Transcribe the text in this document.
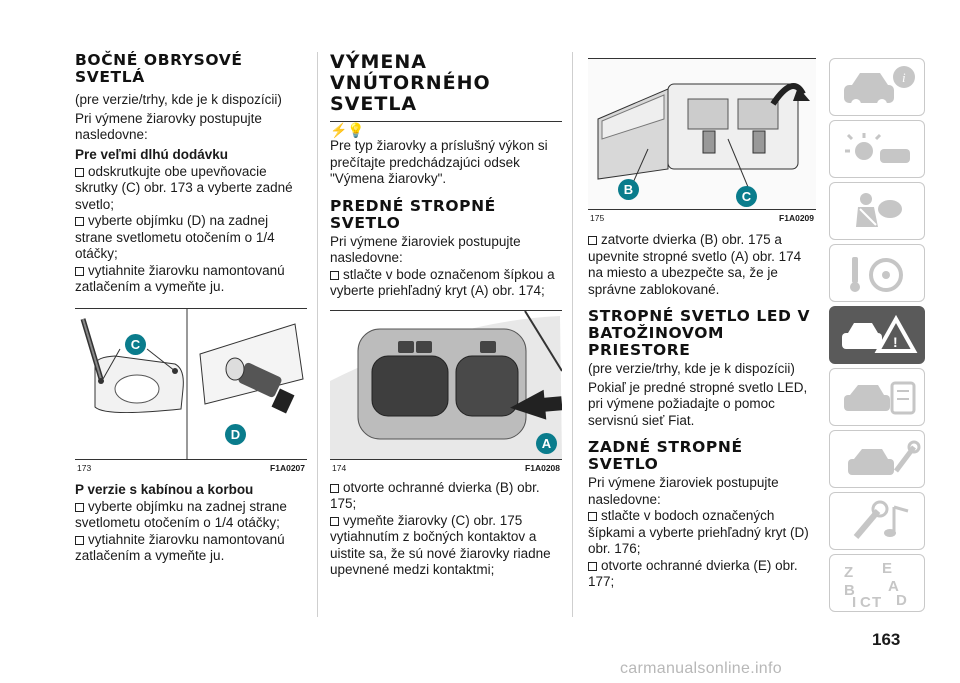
BOČNÉ OBRYSOVÉ SVETLÁ

(pre verzie/trhy, kde je k dispozícii)

Pri výmene žiarovky postupujte nasledovne:

Pre veľmi dlhú dodávku

odskrutkujte obe upevňovacie skrutky (C) obr. 173 a vyberte zadné svetlo;

vyberte objímku (D) na zadnej strane svetlometu otočením o 1/4 otáčky;

vytiahnite žiarovku namontovanú zatlačením a vymeňte ju.

C
D
173	F1A0207
P verzie s kabínou a korbou

vyberte objímku na zadnej strane svetlometu otočením o 1/4 otáčky;

vytiahnite žiarovku namontovanú zatlačením a vymeňte ju.

VÝMENA VNÚTORNÉHO SVETLA
⚡💡

Pre typ žiarovky a príslušný výkon si prečítajte predchádzajúci odsek "Výmena žiarovky".

PREDNÉ STROPNÉ SVETLO

Pri výmene žiaroviek postupujte nasledovne:

stlačte v bode označenom šípkou a vyberte priehľadný kryt (A) obr. 174;

A
174	F1A0208

otvorte ochranné dvierka (B) obr. 175;

vymeňte žiarovky (C) obr. 175 vytiahnutím z bočných kontaktov a uistite sa, že sú nové žiarovky riadne upevnené medzi kontaktmi;

B	C
175	F1A0209

zatvorte dvierka (B) obr. 175 a upevnite stropné svetlo (A) obr. 174 na miesto a ubezpečte sa, že je správne zablokované.

STROPNÉ SVETLO LED V BATOŽINOVOM PRIESTORE

(pre verzie/trhy, kde je k dispozícii)

Pokiaľ je predné stropné svetlo LED, pri výmene požiadajte o pomoc servisnú sieť Fiat.

ZADNÉ STROPNÉ SVETLO

Pri výmene žiaroviek postupujte nasledovne:

stlačte v bodoch označených šípkami a vyberte priehľadný kryt (D) obr. 176;

otvorte ochranné dvierka (E) obr. 177;

i
!
Z E
A
B
C T D
I
163
carmanualsonline.info
